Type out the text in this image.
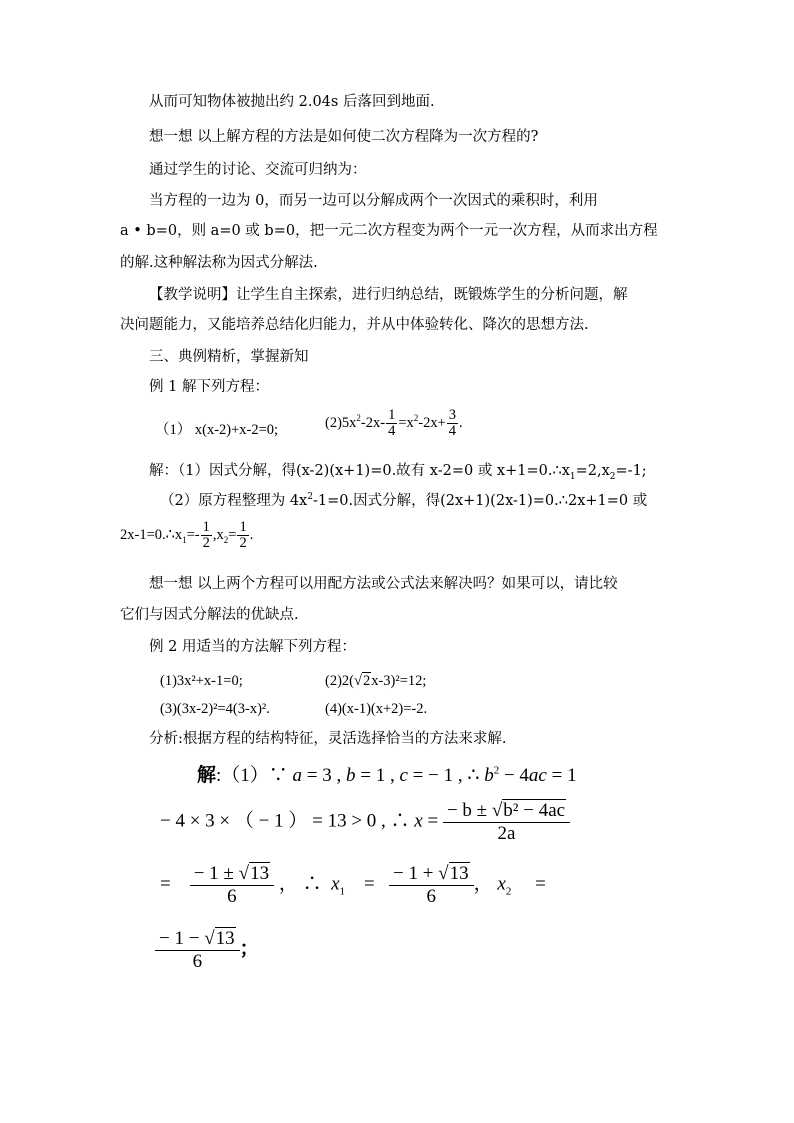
从而可知物体被抛出约 2.04s 后落回到地面.
想一想 以上解方程的方法是如何使二次方程降为一次方程的?
通过学生的讨论、交流可归纳为：
当方程的一边为 0，而另一边可以分解成两个一次因式的乘积时，利用
a • b=0，则 a=0 或 b=0，把一元二次方程变为两个一元一次方程，从而求出方程
的解.这种解法称为因式分解法.
【教学说明】让学生自主探索，进行归纳总结，既锻炼学生的分析问题，解
决问题能力，又能培养总结化归能力，并从中体验转化、降次的思想方法.
三、典例精析，掌握新知
例 1 解下列方程：
（1） x(x-2)+x-2=0;	$(2)5x^2-2x- \frac{1}{4} =x^2-2x+ \frac{3}{4}$ .
解：（1）因式分解，得(x-2)(x+1)=0.故有 x-2=0 或 $x+1=0.\therefore x_1=2,x_2=-1$;
（2）原方程整理为 $4x^2-1=0$.因式分解，得(2x+1)(2x-1)=0.∴2x+1=0 或
$2x-1=0.\therefore x_1=- \frac{1}{2} ,x_2= \frac{1}{2}$ .
想一想 以上两个方程可以用配方法或公式法来解决吗？如果可以，请比较
它们与因式分解法的优缺点.
例 2 用适当的方法解下列方程：
(1)3x²+x-1=0;	(2)2(√2x-3)²=12;
(3)(3x-2)²=4(3-x)².	(4)(x-1)(x+2)=-2.
分析:根据方程的结构特征，灵活选择恰当的方法来求解.
解:（1）∵ a = 3 , b = 1 , c = − 1 , ∴ $b^2 - 4ac = 1$
− 4 × 3 × （ − 1 ） = 13 > 0 , ∴ $x = \frac{\text{− b ± √b² − 4ac}}{2a}$
= $\frac{- 1 \pm √13}{6}$ ， ∴ $x_1 = \frac{- 1 + √13}{6}$ ， $x_2$ =
$\frac{- 1 - √13}{6}$ ；
